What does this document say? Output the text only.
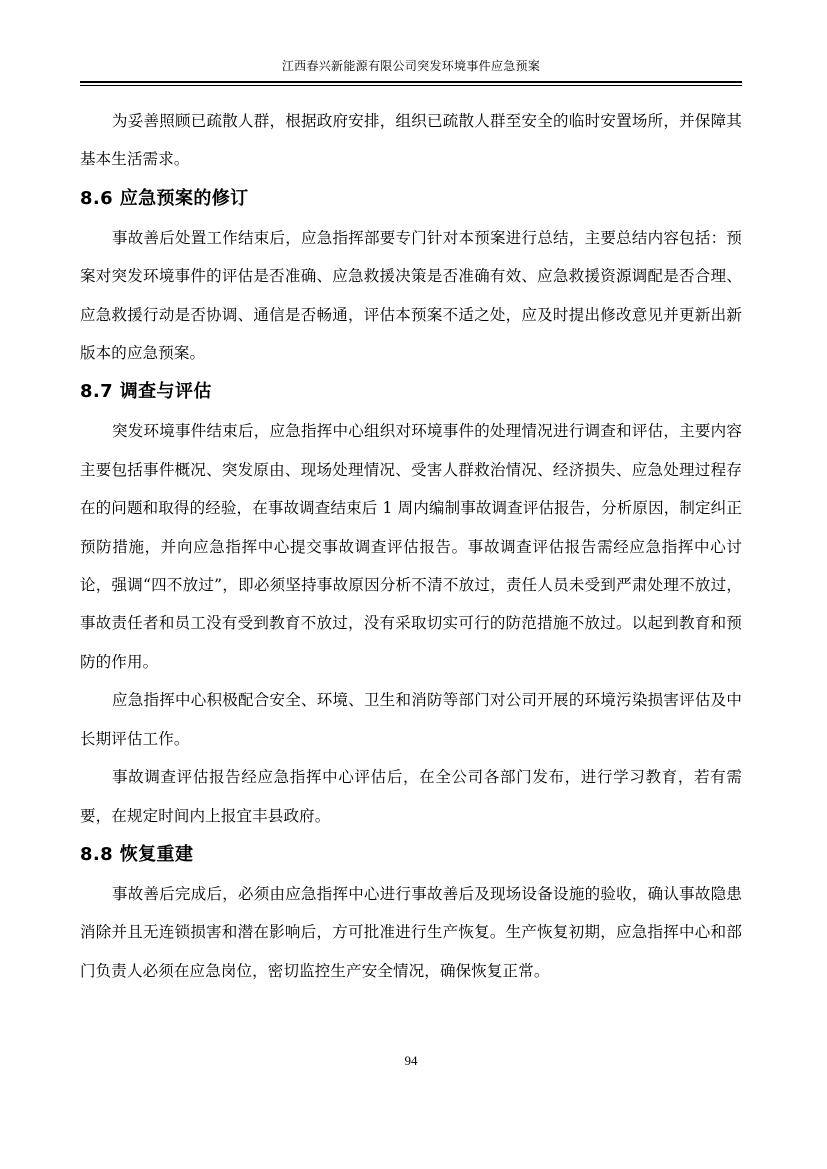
江西春兴新能源有限公司突发环境事件应急预案

为妥善照顾已疏散人群，根据政府安排，组织已疏散人群至安全的临时安置场所，并保障其基本生活需求。

8.6 应急预案的修订

事故善后处置工作结束后，应急指挥部要专门针对本预案进行总结，主要总结内容包括：预案对突发环境事件的评估是否准确、应急救援决策是否准确有效、应急救援资源调配是否合理、应急救援行动是否协调、通信是否畅通，评估本预案不适之处，应及时提出修改意见并更新出新版本的应急预案。

8.7 调查与评估

突发环境事件结束后，应急指挥中心组织对环境事件的处理情况进行调查和评估，主要内容主要包括事件概况、突发原由、现场处理情况、受害人群救治情况、经济损失、应急处理过程存在的问题和取得的经验，在事故调查结束后 1 周内编制事故调查评估报告，分析原因，制定纠正预防措施，并向应急指挥中心提交事故调查评估报告。事故调查评估报告需经应急指挥中心讨论，强调“四不放过”，即必须坚持事故原因分析不清不放过，责任人员未受到严肃处理不放过，事故责任者和员工没有受到教育不放过，没有采取切实可行的防范措施不放过。以起到教育和预防的作用。

应急指挥中心积极配合安全、环境、卫生和消防等部门对公司开展的环境污染损害评估及中长期评估工作。

事故调查评估报告经应急指挥中心评估后，在全公司各部门发布，进行学习教育，若有需要，在规定时间内上报宜丰县政府。

8.8 恢复重建

事故善后完成后，必须由应急指挥中心进行事故善后及现场设备设施的验收，确认事故隐患消除并且无连锁损害和潜在影响后，方可批准进行生产恢复。生产恢复初期，应急指挥中心和部门负责人必须在应急岗位，密切监控生产安全情况，确保恢复正常。

94
